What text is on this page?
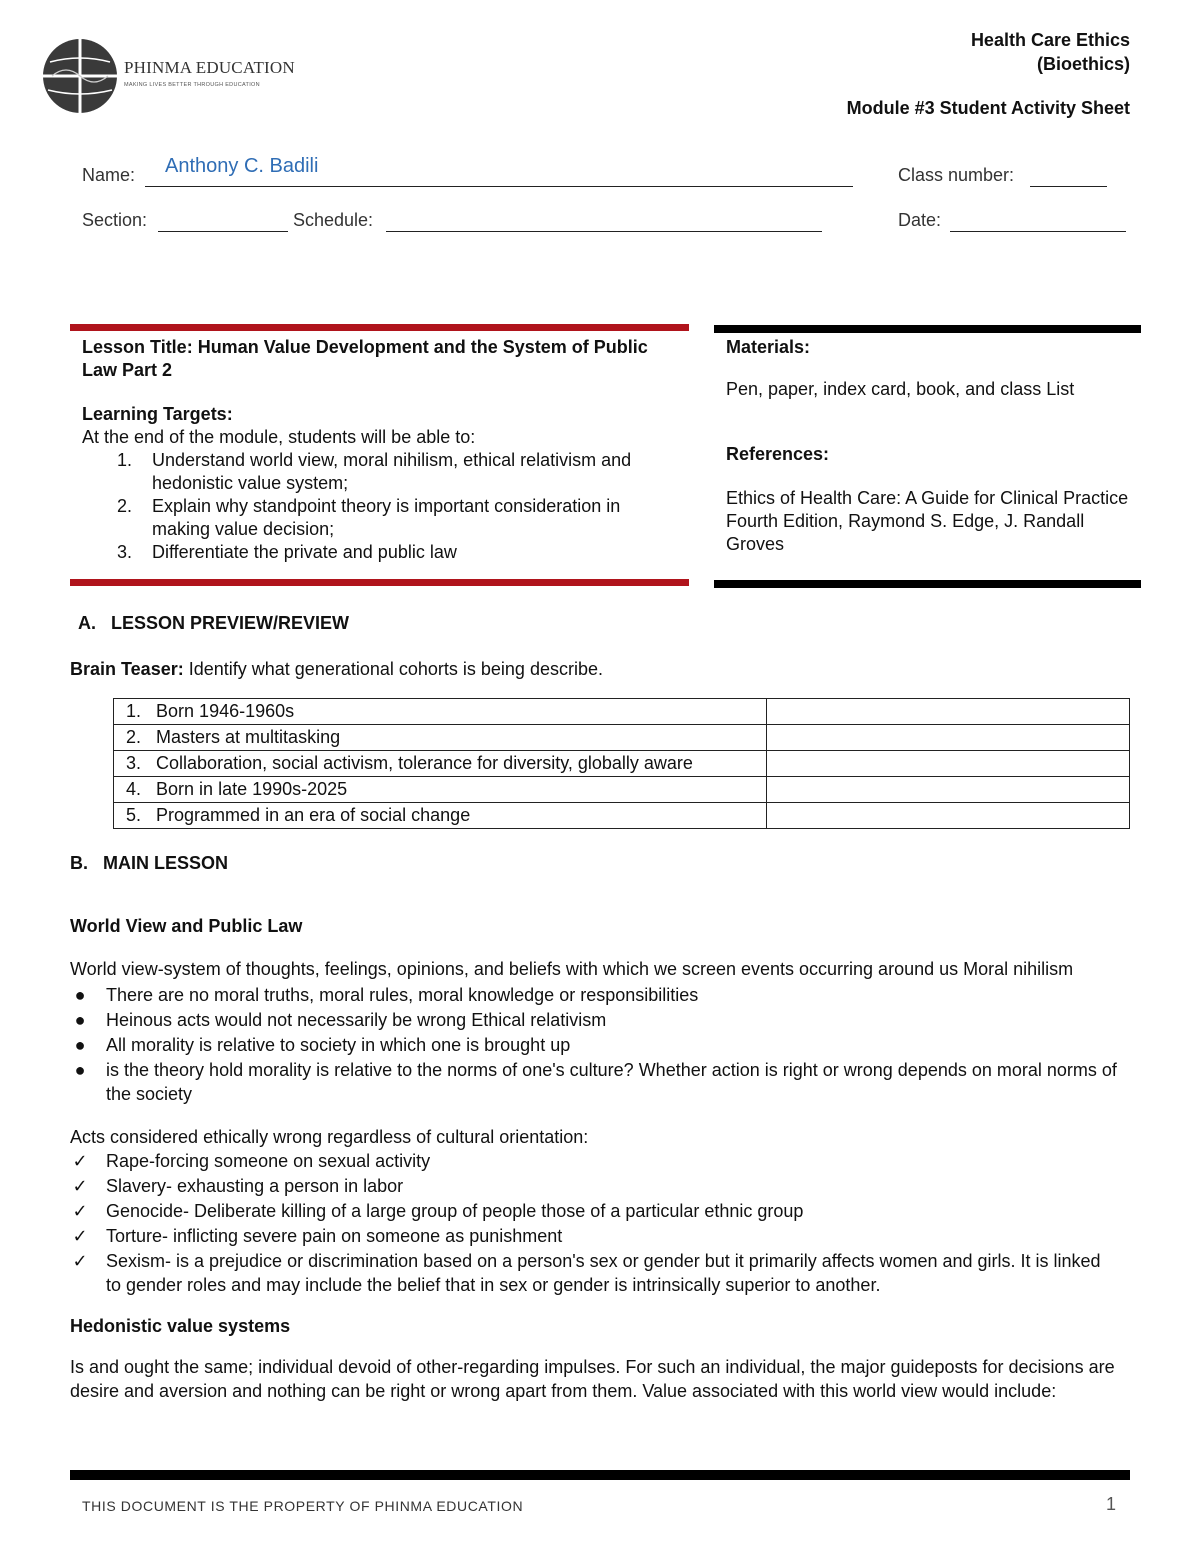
PHINMA EDUCATION
MAKING LIVES BETTER THROUGH EDUCATION
Health Care Ethics
(Bioethics)
Module #3 Student Activity Sheet
Name: Anthony C. Badili	Class number:
Section:	Schedule:	Date:
Lesson Title: Human Value Development and the System of Public Law Part 2
Learning Targets:
At the end of the module, students will be able to:
1. Understand world view, moral nihilism, ethical relativism and hedonistic value system;
2. Explain why standpoint theory is important consideration in making value decision;
3. Differentiate the private and public law
Materials:
Pen, paper, index card, book, and class List
References:
Ethics of Health Care: A Guide for Clinical Practice Fourth Edition, Raymond S. Edge, J. Randall Groves
A.   LESSON PREVIEW/REVIEW
Brain Teaser: Identify what generational cohorts is being describe.
1. Born 1946-1960s	
2. Masters at multitasking	
3. Collaboration, social activism, tolerance for diversity, globally aware	
4. Born in late 1990s-2025	
5. Programmed in an era of social change	
B.   MAIN LESSON
World View and Public Law
World view-system of thoughts, feelings, opinions, and beliefs with which we screen events occurring around us Moral nihilism
● There are no moral truths, moral rules, moral knowledge or responsibilities
● Heinous acts would not necessarily be wrong Ethical relativism
● All morality is relative to society in which one is brought up
● is the theory hold morality is relative to the norms of one's culture? Whether action is right or wrong depends on moral norms of the society
Acts considered ethically wrong regardless of cultural orientation:
✓ Rape-forcing someone on sexual activity
✓ Slavery- exhausting a person in labor
✓ Genocide- Deliberate killing of a large group of people those of a particular ethnic group
✓ Torture- inflicting severe pain on someone as punishment
✓ Sexism- is a prejudice or discrimination based on a person's sex or gender but it primarily affects women and girls. It is linked to gender roles and may include the belief that in sex or gender is intrinsically superior to another.
Hedonistic value systems
Is and ought the same; individual devoid of other-regarding impulses. For such an individual, the major guideposts for decisions are desire and aversion and nothing can be right or wrong apart from them. Value associated with this world view would include:
THIS DOCUMENT IS THE PROPERTY OF PHINMA EDUCATION	1
